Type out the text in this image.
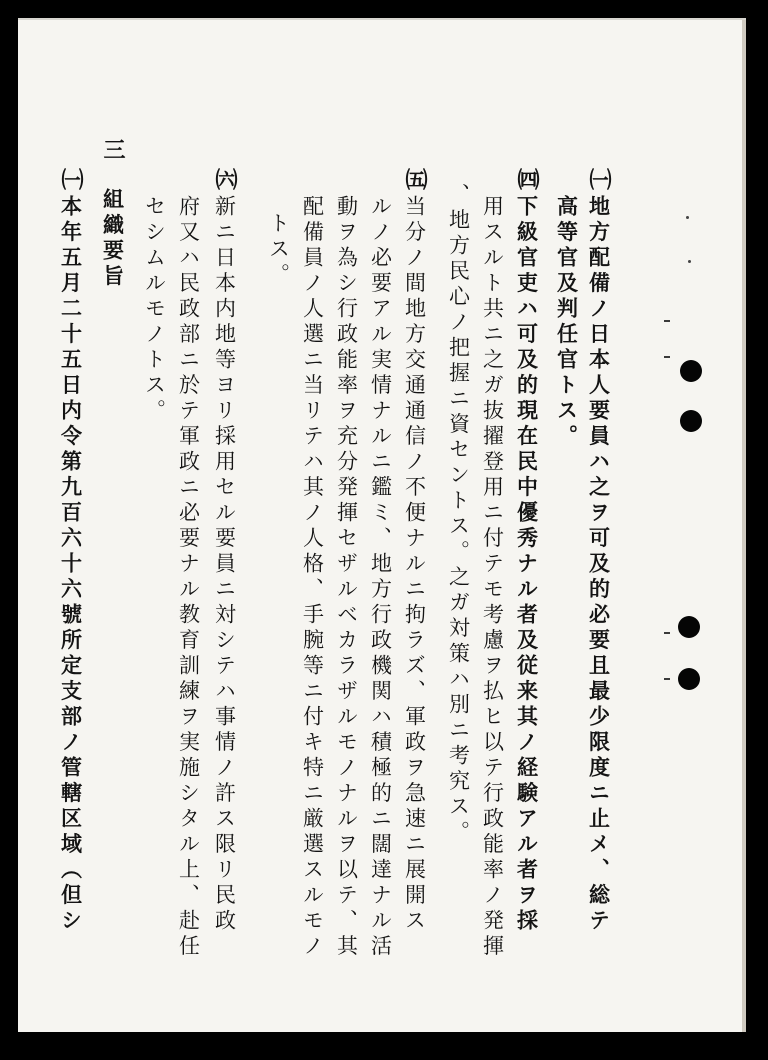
㈠
地方配備ノ日本人要員ハ之ヲ可及的必要且最少限度ニ止メ、総テ
高等官及判任官トス。
㈣
下級官吏ハ可及的現在民中優秀ナル者及従来其ノ経験アル者ヲ採
用スルト共ニ之ガ抜擢登用ニ付テモ考慮ヲ払ヒ以テ行政能率ノ発揮
、地方民心ノ把握ニ資セントス。之ガ対策ハ別ニ考究ス。
㈤
当分ノ間地方交通通信ノ不便ナルニ拘ラズ、軍政ヲ急速ニ展開ス
ルノ必要アル実情ナルニ鑑ミ、地方行政機関ハ積極的ニ闊達ナル活
動ヲ為シ行政能率ヲ充分発揮セザルベカラザルモノナルヲ以テ、其
配備員ノ人選ニ当リテハ其ノ人格、手腕等ニ付キ特ニ厳選スルモノ
トス。
㈥
新ニ日本内地等ヨリ採用セル要員ニ対シテハ事情ノ許ス限リ民政
府又ハ民政部ニ於テ軍政ニ必要ナル教育訓練ヲ実施シタル上、赴任
セシムルモノトス。
三
組織要旨
㈠
本年五月二十五日内令第九百六十六號所定支部ノ管轄区域（但シ
